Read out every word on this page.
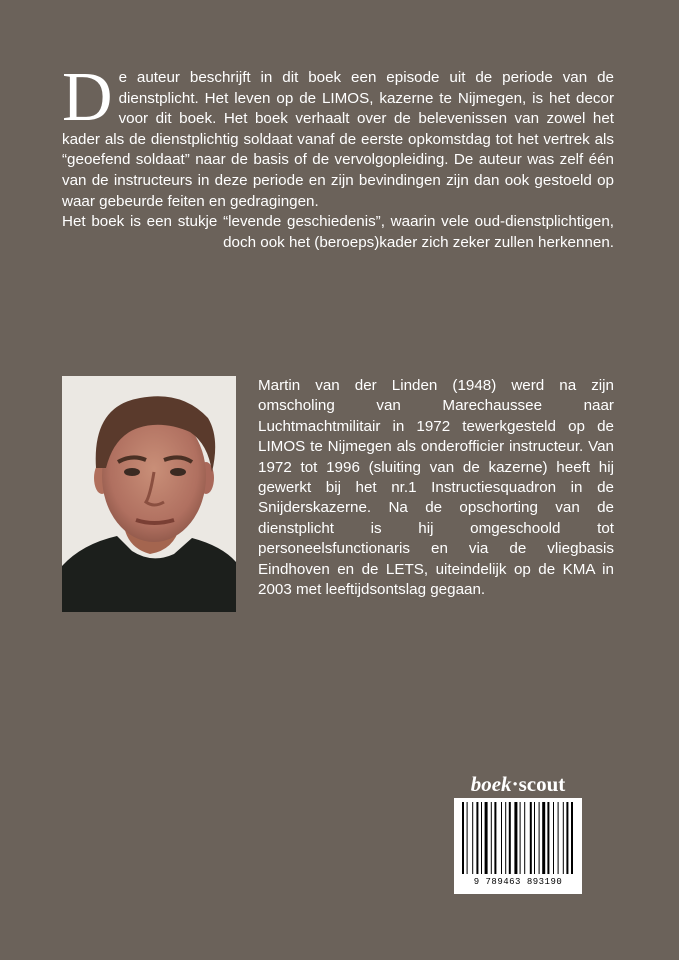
De auteur beschrijft in dit boek een episode uit de periode van de dienstplicht. Het leven op de LIMOS, kazerne te Nijmegen, is het decor voor dit boek. Het boek verhaalt over de belevenissen van zowel het kader als de dienstplichtig soldaat vanaf de eerste opkomstdag tot het vertrek als “geoefend soldaat” naar de basis of de vervolgopleiding. De auteur was zelf één van de instructeurs in deze periode en zijn bevindingen zijn dan ook gestoeld op waar gebeurde feiten en gedragingen.

Het boek is een stukje “levende geschiedenis”, waarin vele oud-dienstplichtigen, doch ook het (beroeps)kader zich zeker zullen herkennen.

Martin van der Linden (1948) werd na zijn omscholing van Marechaussee naar Luchtmachtmilitair in 1972 tewerkgesteld op de LIMOS te Nijmegen als onderofficier instructeur. Van 1972 tot 1996 (sluiting van de kazerne) heeft hij gewerkt bij het nr.1 Instructiesquadron in de Snijderskazerne. Na de opschorting van de dienstplicht is hij omgeschoold tot personeelsfunctionaris en via de vliegbasis Eindhoven en de LETS, uiteindelijk op de KMA in 2003 met leeftijdsontslag gegaan.

boek·scout
9 789463 893190
